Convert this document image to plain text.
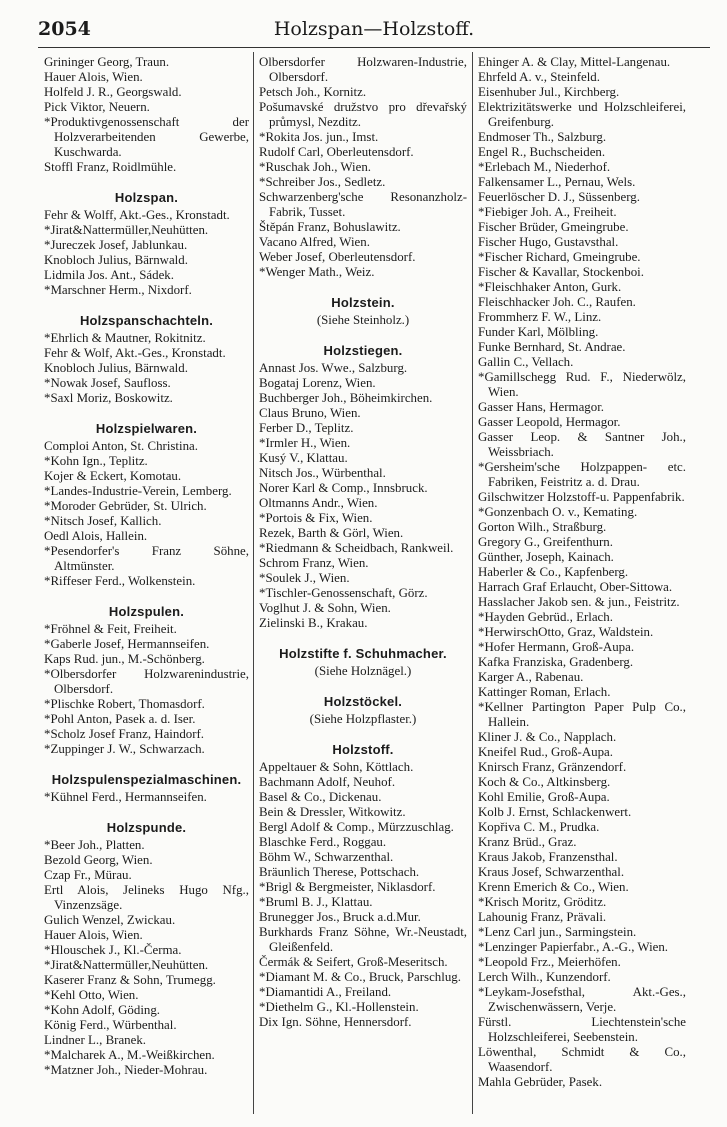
2054	Holzspan—Holzstoff.
Grininger Georg, Traun.
Hauer Alois, Wien.
Holfeld J. R., Georgswald.
Pick Viktor, Neuern.
*Produktivgenossenschaft der Holzverarbeitenden Gewerbe, Kuschwarda.
Stoffl Franz, Roidlmühle.
Holzspan.
Fehr & Wolff, Akt.-Ges., Kronstadt.
*Jirat&Nattermüller,Neuhütten.
*Jureczek Josef, Jablunkau.
Knobloch Julius, Bärnwald.
Lidmila Jos. Ant., Sádek.
*Marschner Herm., Nixdorf.
Holzspanschachteln.
*Ehrlich & Mautner, Rokitnitz.
Fehr & Wolf, Akt.-Ges., Kronstadt.
Knobloch Julius, Bärnwald.
*Nowak Josef, Saufloss.
*Saxl Moriz, Boskowitz.
Holzspielwaren.
Comploi Anton, St. Christina.
*Kohn Ign., Teplitz.
Kojer & Eckert, Komotau.
*Landes-Industrie-Verein, Lemberg.
*Moroder Gebrüder, St. Ulrich.
*Nitsch Josef, Kallich.
Oedl Alois, Hallein.
*Pesendorfer's Franz Söhne, Altmünster.
*Riffeser Ferd., Wolkenstein.
Holzspulen.
*Fröhnel & Feit, Freiheit.
*Gaberle Josef, Hermannseifen.
Kaps Rud. jun., M.-Schönberg.
*Olbersdorfer Holzwarenindustrie, Olbersdorf.
*Plischke Robert, Thomasdorf.
*Pohl Anton, Pasek a. d. Iser.
*Scholz Josef Franz, Haindorf.
*Zuppinger J. W., Schwarzach.
Holzspulenspezialmaschinen.
*Kühnel Ferd., Hermannseifen.
Holzspunde.
*Beer Joh., Platten.
Bezold Georg, Wien.
Czap Fr., Mürau.
Ertl Alois, Jelineks Hugo Nfg., Vinzenzsäge.
Gulich Wenzel, Zwickau.
Hauer Alois, Wien.
*Hlouschek J., Kl.-Čerma.
*Jirat&Nattermüller,Neuhütten.
Kaserer Franz & Sohn, Trumegg.
*Kehl Otto, Wien.
*Kohn Adolf, Göding.
König Ferd., Würbenthal.
Lindner L., Branek.
*Malcharek A., M.-Weißkirchen.
*Matzner Joh., Nieder-Mohrau.
Olbersdorfer Holzwaren-Industrie, Olbersdorf.
Petsch Joh., Kornitz.
Pošumavské družstvo pro dřevařský průmysl, Nezditz.
*Rokita Jos. jun., Imst.
Rudolf Carl, Oberleutensdorf.
*Ruschak Joh., Wien.
*Schreiber Jos., Sedletz.
Schwarzenberg'sche Resonanzholz-Fabrik, Tusset.
Štěpán Franz, Bohuslawitz.
Vacano Alfred, Wien.
Weber Josef, Oberleutensdorf.
*Wenger Math., Weiz.
Holzstein.
(Siehe Steinholz.)
Holzstiegen.
Annast Jos. Wwe., Salzburg.
Bogataj Lorenz, Wien.
Buchberger Joh., Böheimkirchen.
Claus Bruno, Wien.
Ferber D., Teplitz.
*Irmler H., Wien.
Kusý V., Klattau.
Nitsch Jos., Würbenthal.
Norer Karl & Comp., Innsbruck.
Oltmanns Andr., Wien.
*Portois & Fix, Wien.
Rezek, Barth & Görl, Wien.
*Riedmann & Scheidbach, Rankweil.
Schrom Franz, Wien.
*Soulek J., Wien.
*Tischler-Genossenschaft, Görz.
Voglhut J. & Sohn, Wien.
Zielinski B., Krakau.
Holzstifte f. Schuhmacher.
(Siehe Holznägel.)
Holzstöckel.
(Siehe Holzpflaster.)
Holzstoff.
Appeltauer & Sohn, Köttlach.
Bachmann Adolf, Neuhof.
Basel & Co., Dickenau.
Bein & Dressler, Witkowitz.
Bergl Adolf & Comp., Mürzzuschlag.
Blaschke Ferd., Roggau.
Böhm W., Schwarzenthal.
Bräunlich Therese, Pottschach.
*Brigl & Bergmeister, Niklasdorf.
*Bruml B. J., Klattau.
Brunegger Jos., Bruck a.d.Mur.
Burkhards Franz Söhne, Wr.-Neustadt, Gleißenfeld.
Čermák & Seifert, Groß-Meseritsch.
*Diamant M. & Co., Bruck, Parschlug.
*Diamantidi A., Freiland.
*Diethelm G., Kl.-Hollenstein.
Dix Ign. Söhne, Hennersdorf.
Ehinger A. & Clay, Mittel-Langenau.
Ehrfeld A. v., Steinfeld.
Eisenhuber Jul., Kirchberg.
Elektrizitätswerke und Holzschleiferei, Greifenburg.
Endmoser Th., Salzburg.
Engel R., Buchscheiden.
*Erlebach M., Niederhof.
Falkensamer L., Pernau, Wels.
Feuerlöscher D. J., Süssenberg.
*Fiebiger Joh. A., Freiheit.
Fischer Brüder, Gmeingrube.
Fischer Hugo, Gustavsthal.
*Fischer Richard, Gmeingrube.
Fischer & Kavallar, Stockenboi.
*Fleischhaker Anton, Gurk.
Fleischhacker Joh. C., Raufen.
Frommherz F. W., Linz.
Funder Karl, Mölbling.
Funke Bernhard, St. Andrae.
Gallin C., Vellach.
*Gamillschegg Rud. F., Niederwölz, Wien.
Gasser Hans, Hermagor.
Gasser Leopold, Hermagor.
Gasser Leop. & Santner Joh., Weissbriach.
*Gersheim'sche Holzpappen- etc. Fabriken, Feistritz a. d. Drau.
Gilschwitzer Holzstoff-u. Pappenfabrik.
*Gonzenbach O. v., Kemating.
Gorton Wilh., Straßburg.
Gregory G., Greifenthurn.
Günther, Joseph, Kainach.
Haberler & Co., Kapfenberg.
Harrach Graf Erlaucht, Ober-Sittowa.
Hasslacher Jakob sen. & jun., Feistritz.
*Hayden Gebrüd., Erlach.
*HerwirschOtto, Graz, Waldstein.
*Hofer Hermann, Groß-Aupa.
Kafka Franziska, Gradenberg.
Karger A., Rabenau.
Kattinger Roman, Erlach.
*Kellner Partington Paper Pulp Co., Hallein.
Kliner J. & Co., Napplach.
Kneifel Rud., Groß-Aupa.
Knirsch Franz, Gränzendorf.
Koch & Co., Altkinsberg.
Kohl Emilie, Groß-Aupa.
Kolb J. Ernst, Schlackenwert.
Kopřiva C. M., Prudka.
Kranz Brüd., Graz.
Kraus Jakob, Franzensthal.
Kraus Josef, Schwarzenthal.
Krenn Emerich & Co., Wien.
*Krisch Moritz, Gröditz.
Lahounig Franz, Prävali.
*Lenz Carl jun., Sarmingstein.
*Lenzinger Papierfabr., A.-G., Wien.
*Leopold Frz., Meierhöfen.
Lerch Wilh., Kunzendorf.
*Leykam-Josefsthal, Akt.-Ges., Zwischenwässern, Verje.
Fürstl. Liechtenstein'sche Holzschleiferei, Seebenstein.
Löwenthal, Schmidt & Co., Waasendorf.
Mahla Gebrüder, Pasek.
